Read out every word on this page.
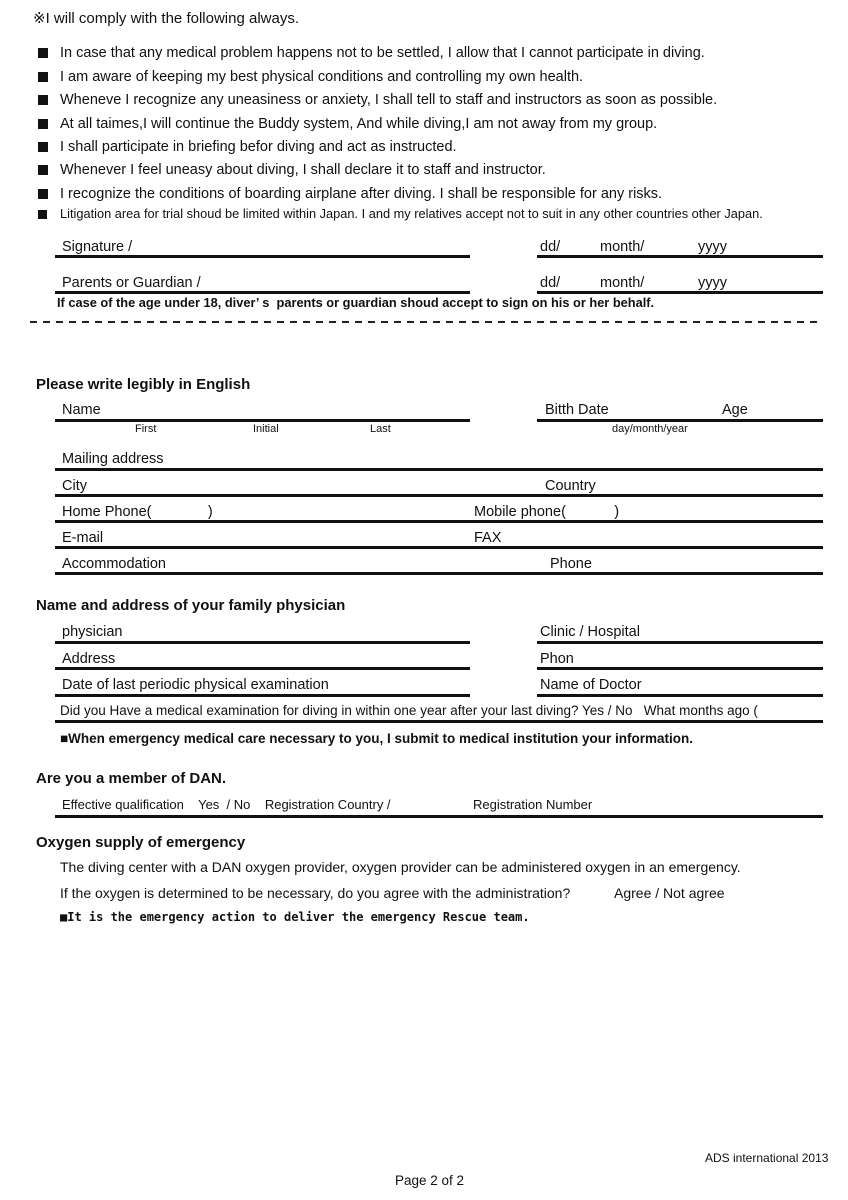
※I will comply with the following always.
In case that any medical problem happens not to be settled, I allow that I cannot participate in diving.
I am aware of keeping my best physical conditions and controlling my own health.
Wheneve I recognize any uneasiness or anxiety, I shall tell to staff and instructors as soon as possible.
At all taimes,I will continue the Buddy system, And while diving,I am not away from my group.
I shall participate in briefing befor diving and act as instructed.
Whenever I feel uneasy about diving, I shall declare it to staff and instructor.
I recognize the conditions of boarding airplane after diving. I shall be responsible for any risks.
Litigation area for trial shoud be limited within Japan. I and my relatives accept not to suit in any other countries other Japan.
Signature /	dd/	month/	yyyy
Parents or Guardian /	dd/	month/	yyyy
If case of the age under 18, diver’ s  parents or guardian shoud accept to sign on his or her behalf.
Please write legibly in English
Name	Bitth Date	Age
First	Initial	Last	day/month/year
Mailing address
City	Country
Home Phone(              )	Mobile phone(            )
E-mail	FAX
Accommodation	Phone
Name and address of your family physician
physician	Clinic / Hospital
Address	Phon
Date of last periodic physical examination	Name of Doctor
Did you Have a medical examination for diving in within one year after your last diving? Yes / No   What months ago (
■When emergency medical care necessary to you, I submit to medical institution your information.
Are you a member of DAN.
Effective qualification    Yes  / No    Registration Country /	Registration Number
Oxygen supply of emergency
The diving center with a DAN oxygen provider, oxygen provider can be administered oxygen in an emergency.
If the oxygen is determined to be necessary, do you agree with the administration?	Agree / Not agree
■It is the emergency action to deliver the emergency Rescue team.
ADS international 2013
Page 2 of 2
